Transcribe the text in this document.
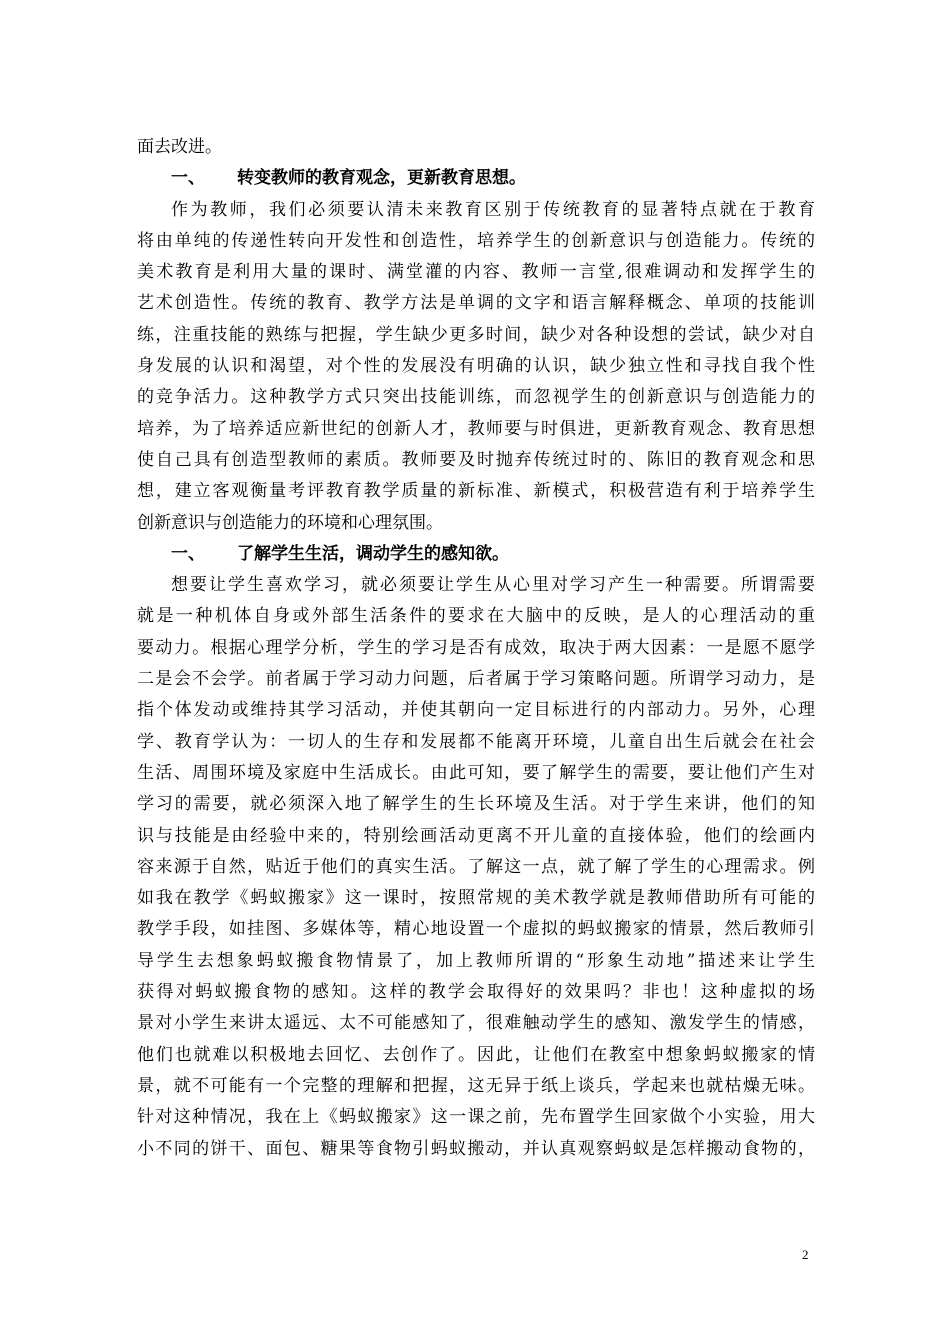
面去改进。
一、 转变教师的教育观念，更新教育思想。
作为教师，我们必须要认清未来教育区别于传统教育的显著特点就在于教育
将由单纯的传递性转向开发性和创造性，培养学生的创新意识与创造能力。传统的
美术教育是利用大量的课时、满堂灌的内容、教师一言堂,很难调动和发挥学生的
艺术创造性。传统的教育、教学方法是单调的文字和语言解释概念、单项的技能训
练，注重技能的熟练与把握，学生缺少更多时间，缺少对各种设想的尝试，缺少对自
身发展的认识和渴望，对个性的发展没有明确的认识，缺少独立性和寻找自我个性
的竞争活力。这种教学方式只突出技能训练，而忽视学生的创新意识与创造能力的
培养，为了培养适应新世纪的创新人才，教师要与时俱进，更新教育观念、教育思想
使自己具有创造型教师的素质。教师要及时抛弃传统过时的、陈旧的教育观念和思
想，建立客观衡量考评教育教学质量的新标准、新模式，积极营造有利于培养学生
创新意识与创造能力的环境和心理氛围。
一、 了解学生生活，调动学生的感知欲。
想要让学生喜欢学习，就必须要让学生从心里对学习产生一种需要。所谓需要
就是一种机体自身或外部生活条件的要求在大脑中的反映，是人的心理活动的重
要动力。根据心理学分析，学生的学习是否有成效，取决于两大因素：一是愿不愿学
二是会不会学。前者属于学习动力问题，后者属于学习策略问题。所谓学习动力，是
指个体发动或维持其学习活动，并使其朝向一定目标进行的内部动力。另外，心理
学、教育学认为：一切人的生存和发展都不能离开环境，儿童自出生后就会在社会
生活、周围环境及家庭中生活成长。由此可知，要了解学生的需要，要让他们产生对
学习的需要，就必须深入地了解学生的生长环境及生活。对于学生来讲，他们的知
识与技能是由经验中来的，特别绘画活动更离不开儿童的直接体验，他们的绘画内
容来源于自然，贴近于他们的真实生活。了解这一点，就了解了学生的心理需求。例
如我在教学《蚂蚁搬家》这一课时，按照常规的美术教学就是教师借助所有可能的
教学手段，如挂图、多媒体等，精心地设置一个虚拟的蚂蚁搬家的情景，然后教师引
导学生去想象蚂蚁搬食物情景了，加上教师所谓的“形象生动地”描述来让学生
获得对蚂蚁搬食物的感知。这样的教学会取得好的效果吗？非也！这种虚拟的场
景对小学生来讲太遥远、太不可能感知了，很难触动学生的感知、激发学生的情感，
他们也就难以积极地去回忆、去创作了。因此，让他们在教室中想象蚂蚁搬家的情
景，就不可能有一个完整的理解和把握，这无异于纸上谈兵，学起来也就枯燥无味。
针对这种情况，我在上《蚂蚁搬家》这一课之前，先布置学生回家做个小实验，用大
小不同的饼干、面包、糖果等食物引蚂蚁搬动，并认真观察蚂蚁是怎样搬动食物的，
2
